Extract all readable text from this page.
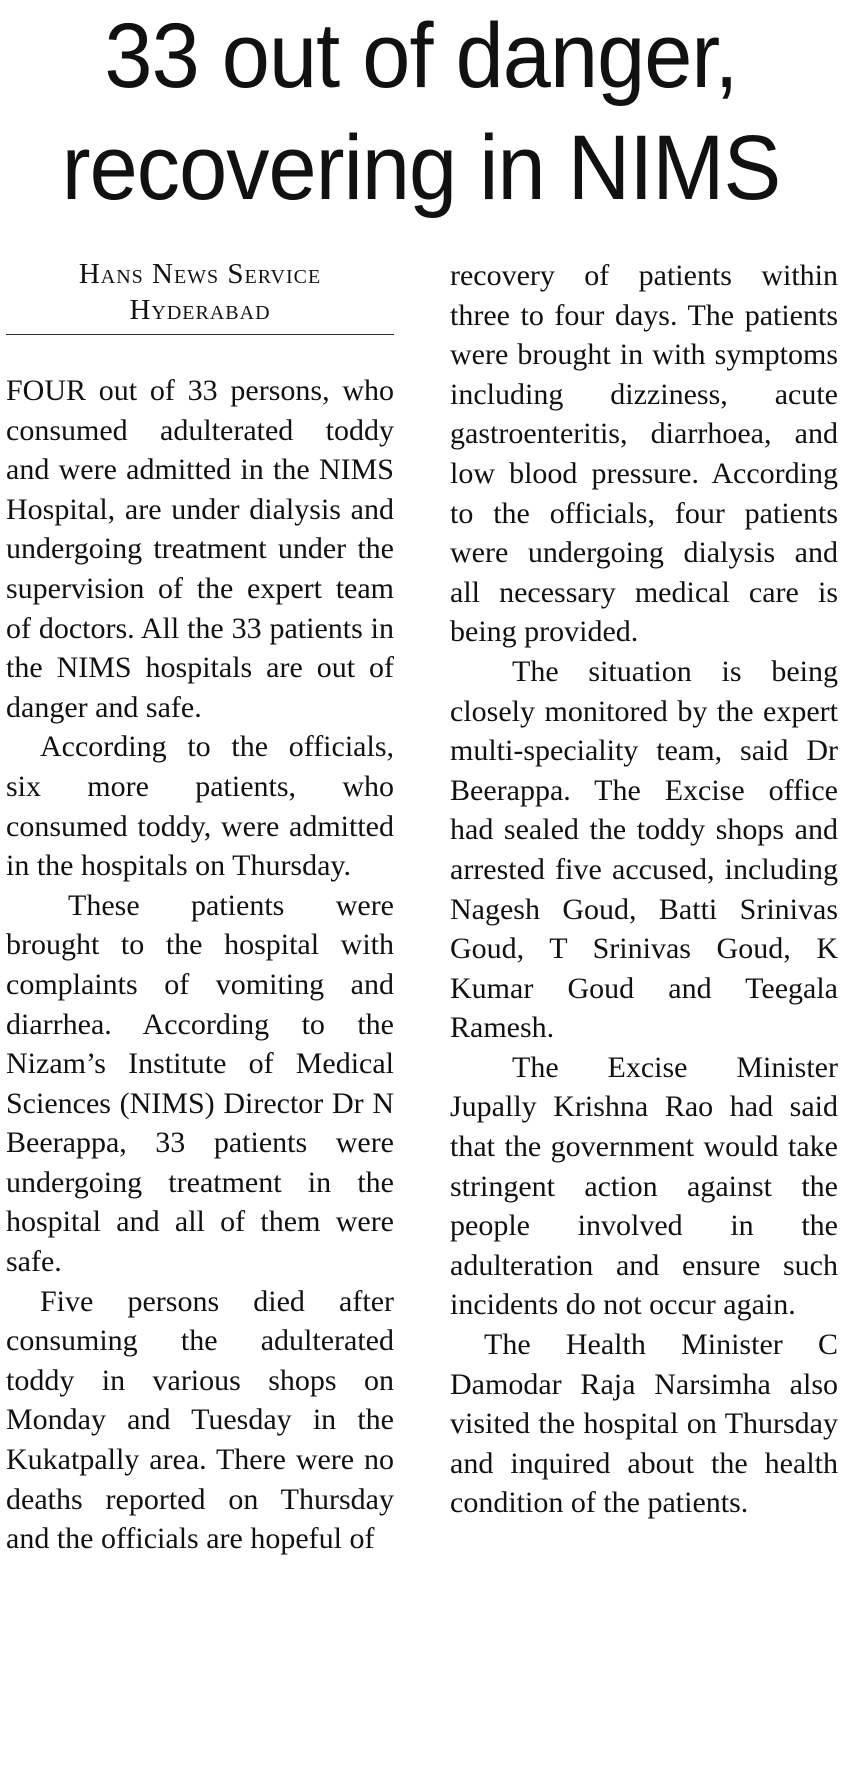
33 out of danger,
recovering in NIMS
Hans News Service
Hyderabad

FOUR out of 33 persons, who consumed adulterated toddy and were admitted in the NIMS Hospital, are under dialysis and undergoing treatment under the supervision of the expert team of doctors. All the 33 patients in the NIMS hospitals are out of danger and safe.

According to the officials, six more patients, who consumed toddy, were admitted in the hospitals on Thursday.

These patients were brought to the hospital with complaints of vomiting and diarrhea. According to the Nizam’s Institute of Medical Sciences (NIMS) Director Dr N Beerappa, 33 patients were undergoing treatment in the hospital and all of them were safe.

Five persons died after consuming the adulterated toddy in various shops on Monday and Tuesday in the Kukatpally area. There were no deaths reported on Thursday and the officials are hopeful of

recovery of patients within three to four days. The patients were brought in with symptoms including dizziness, acute gastroenteritis, diarrhoea, and low blood pressure. According to the officials, four patients were undergoing dialysis and all necessary medical care is being provided.

The situation is being closely monitored by the expert multi-speciality team, said Dr Beerappa. The Excise office had sealed the toddy shops and arrested five accused, including Nagesh Goud, Batti Srinivas Goud, T Srinivas Goud, K Kumar Goud and Teegala Ramesh.

The Excise Minister Jupally Krishna Rao had said that the government would take stringent action against the people involved in the adulteration and ensure such incidents do not occur again.

The Health Minister C Damodar Raja Narsimha also visited the hospital on Thursday and inquired about the health condition of the patients.
